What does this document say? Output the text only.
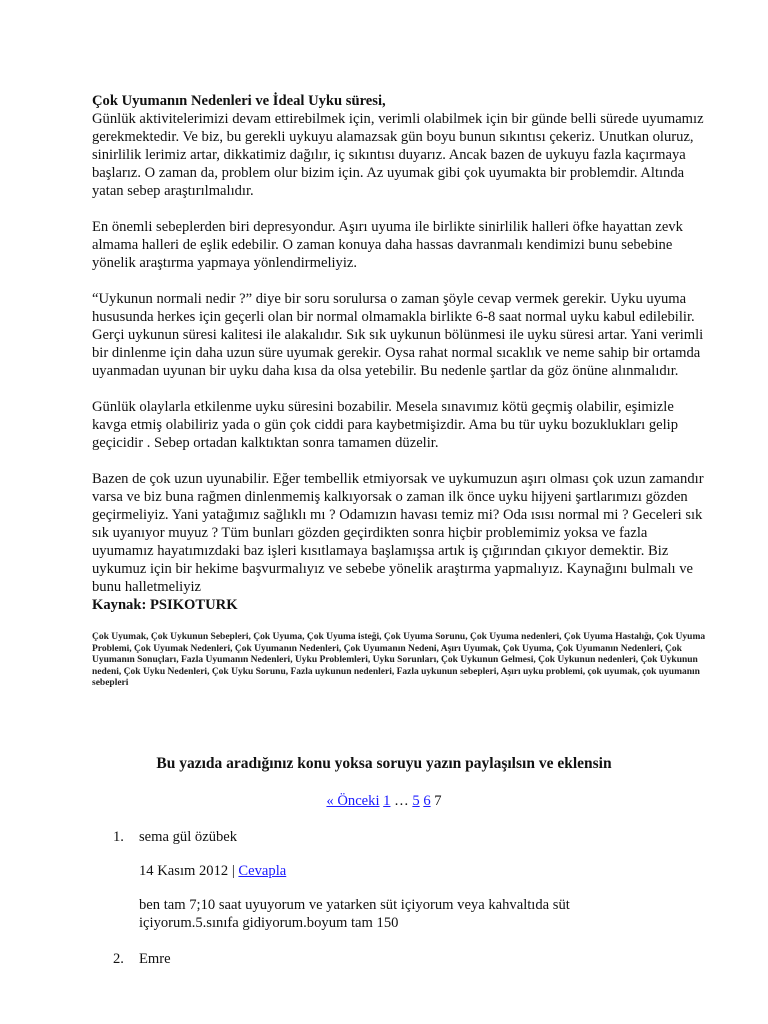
Çok Uyumanın Nedenleri ve İdeal Uyku süresi,
Günlük aktivitelerimizi devam ettirebilmek için, verimli olabilmek için bir günde belli sürede uyumamız gerekmektedir. Ve biz, bu gerekli uykuyu alamazsak gün boyu bunun sıkıntısı çekeriz. Unutkan oluruz, sinirlilik lerimiz artar, dikkatimiz dağılır, iç sıkıntısı duyarız. Ancak bazen de uykuyu fazla kaçırmaya başlarız. O zaman da, problem olur bizim için. Az uyumak gibi çok uyumakta bir problemdir. Altında yatan sebep araştırılmalıdır.

En önemli sebeplerden biri depresyondur. Aşırı uyuma ile birlikte sinirlilik halleri öfke hayattan zevk almama halleri de eşlik edebilir. O zaman konuya daha hassas davranmalı kendimizi bunu sebebine yönelik araştırma yapmaya yönlendirmeliyiz.

“Uykunun normali nedir ?” diye bir soru sorulursa o zaman şöyle cevap vermek gerekir. Uyku uyuma hususunda herkes için geçerli olan bir normal olmamakla birlikte 6-8 saat normal uyku kabul edilebilir. Gerçi uykunun süresi kalitesi ile alakalıdır. Sık sık uykunun bölünmesi ile uyku süresi artar. Yani verimli bir dinlenme için daha uzun süre uyumak gerekir. Oysa rahat normal sıcaklık ve neme sahip bir ortamda uyanmadan uyunan bir uyku daha kısa da olsa yetebilir. Bu nedenle şartlar da göz önüne alınmalıdır.

Günlük olaylarla etkilenme uyku süresini bozabilir. Mesela sınavımız kötü geçmiş olabilir, eşimizle kavga etmiş olabiliriz yada o gün çok ciddi para kaybetmişizdir. Ama bu tür uyku bozuklukları gelip geçicidir . Sebep ortadan kalktıktan sonra tamamen düzelir.

Bazen de çok uzun uyunabilir. Eğer tembellik etmiyorsak ve uykumuzun aşırı olması çok uzun zamandır varsa ve biz buna rağmen dinlenmemiş kalkıyorsak o zaman ilk önce uyku hijyeni şartlarımızı gözden geçirmeliyiz. Yani yatağımız sağlıklı mı ? Odamızın havası temiz mi? Oda ısısı normal mi ? Geceleri sık sık uyanıyor muyuz ? Tüm bunları gözden geçirdikten sonra hiçbir problemimiz yoksa ve fazla uyumamız hayatımızdaki baz işleri kısıtlamaya başlamışsa artık iş çığırından çıkıyor demektir. Biz uykumuz için bir hekime başvurmalıyız ve sebebe yönelik araştırma yapmalıyız. Kaynağını bulmalı ve bunu halletmeliyiz

Kaynak: PSIKOTURK

Çok Uyumak, Çok Uykunun Sebepleri, Çok Uyuma, Çok Uyuma isteği, Çok Uyuma Sorunu, Çok Uyuma nedenleri, Çok Uyuma Hastalığı, Çok Uyuma Problemi, Çok Uyumak Nedenleri, Çok Uyumanın Nedenleri, Çok Uyumanın Nedeni, Aşırı Uyumak, Çok Uyuma, Çok Uyumanın Nedenleri, Çok Uyumanın Sonuçları, Fazla Uyumanın Nedenleri, Uyku Problemleri, Uyku Sorunları, Çok Uykunun Gelmesi, Çok Uykunun nedenleri, Çok Uykunun nedeni, Çok Uyku Nedenleri, Çok Uyku Sorunu, Fazla uykunun nedenleri, Fazla uykunun sebepleri, Aşırı uyku problemi, çok uyumak, çok uyumanın sebepleri
Bu yazıda aradığınız konu yoksa soruyu yazın paylaşılsın ve eklensin
« Önceki 1 … 5 6 7
1. sema gül özübek

14 Kasım 2012 | Cevapla

ben tam 7;10 saat uyuyorum ve yatarken süt içiyorum veya kahvaltıda süt içiyorum.5.sınıfa gidiyorum.boyum tam 150

2. Emre
